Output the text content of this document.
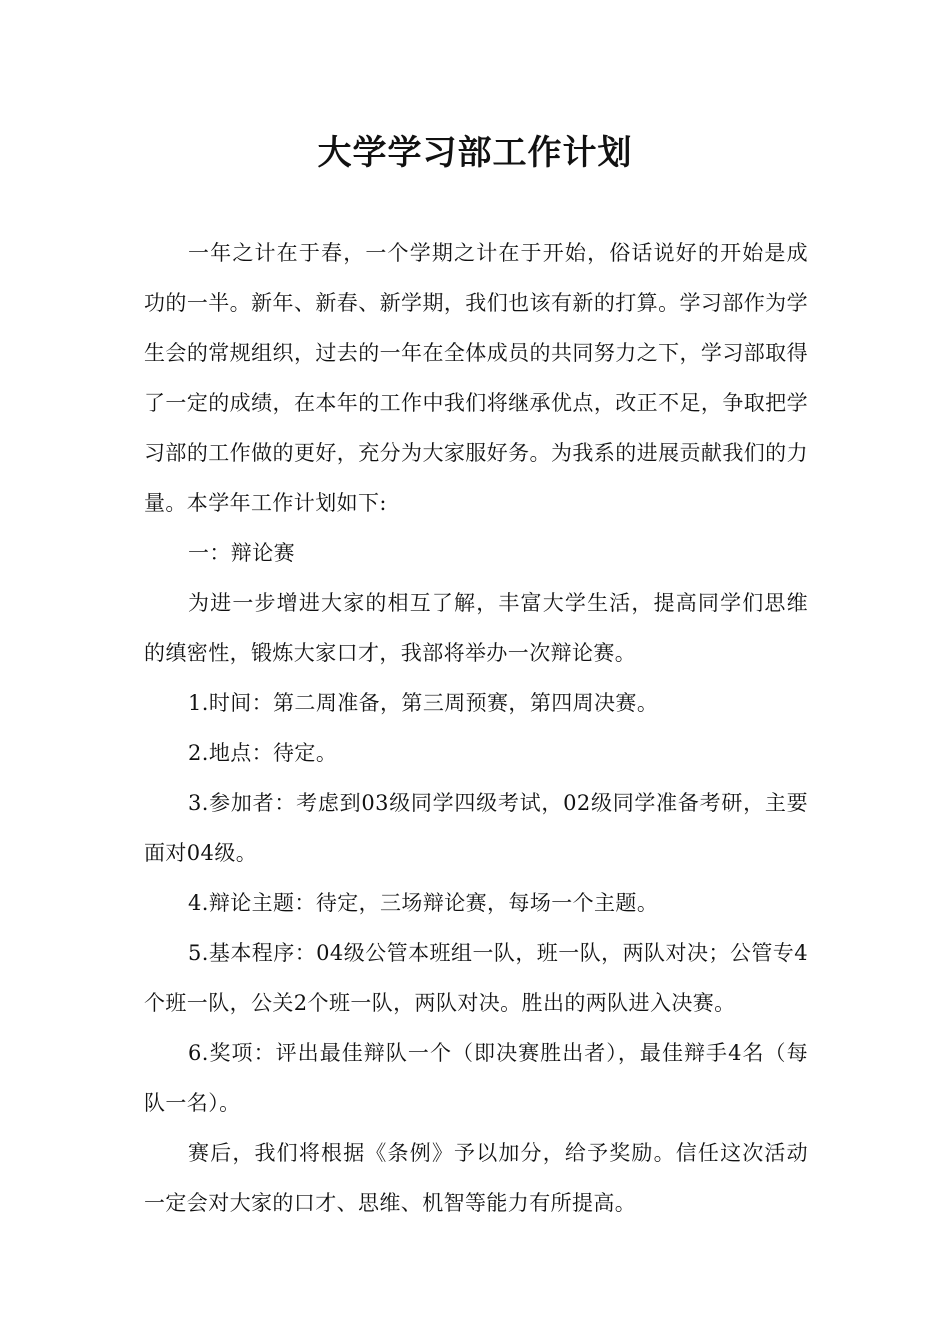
大学学习部工作计划

一年之计在于春，一个学期之计在于开始，俗话说好的开始是成功的一半。新年、新春、新学期，我们也该有新的打算。学习部作为学生会的常规组织，过去的一年在全体成员的共同努力之下，学习部取得了一定的成绩，在本年的工作中我们将继承优点，改正不足，争取把学习部的工作做的更好，充分为大家服好务。为我系的进展贡献我们的力量。本学年工作计划如下:

一：辩论赛

为进一步增进大家的相互了解，丰富大学生活，提高同学们思维的缜密性，锻炼大家口才，我部将举办一次辩论赛。

1.时间：第二周准备，第三周预赛，第四周决赛。

2.地点：待定。

3.参加者：考虑到03级同学四级考试，02级同学准备考研，主要面对04级。

4.辩论主题：待定，三场辩论赛，每场一个主题。

5.基本程序：04级公管本班组一队，班一队，两队对决；公管专4个班一队，公关2个班一队，两队对决。胜出的两队进入决赛。

6.奖项：评出最佳辩队一个（即决赛胜出者），最佳辩手4名（每队一名）。

赛后，我们将根据《条例》予以加分，给予奖励。信任这次活动一定会对大家的口才、思维、机智等能力有所提高。
